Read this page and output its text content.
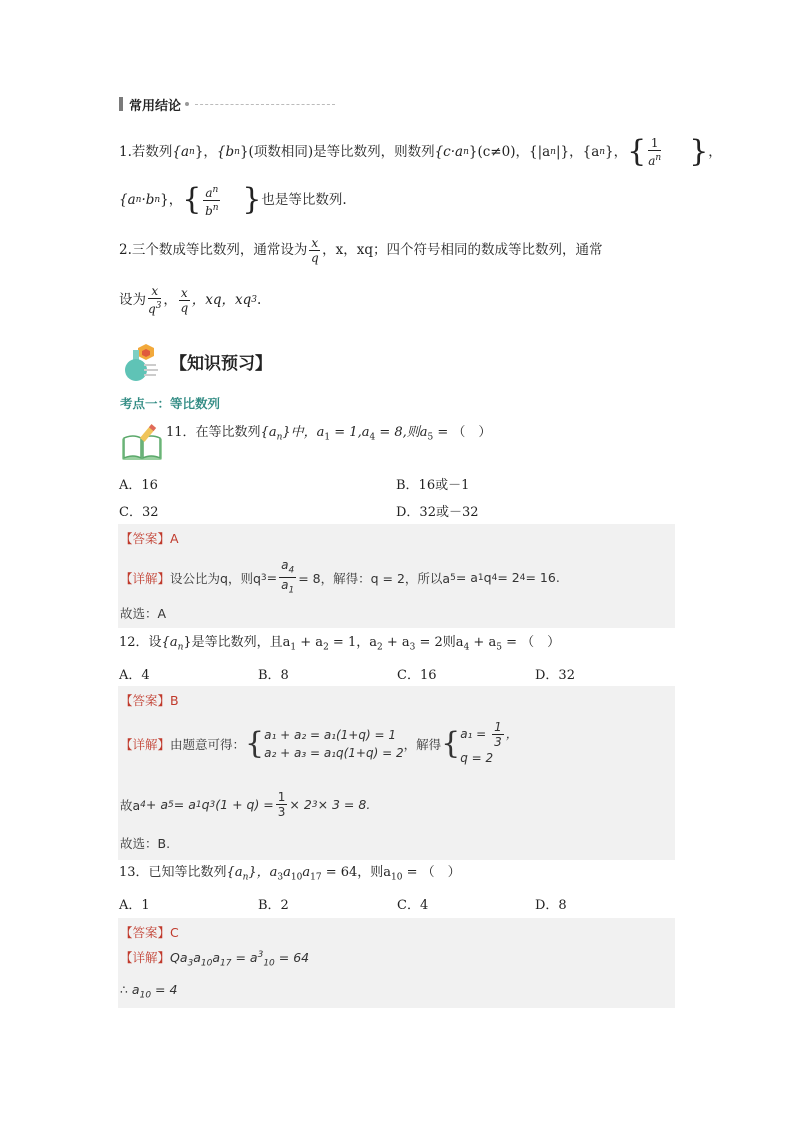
常用结论
1.若数列 {a n } ， {b n } (项数相同)是等比数列，则数列 {c·a n }(c≠0)，{|a n |}，{a n }， { $\frac{1}{a^n}$ } ，
{a n ·b n }， { $\frac{a^n}{b^n}$ } 也是等比数列.
2.三个数成等比数列，通常设为 $\frac{x}{q}$ ，x，xq；四个符号相同的数成等比数列，通常
设为 $\frac{x}{q^3}$ ， $\frac{x}{q}$ ，xq，xq 3 .
【知识预习】
考点一：等比数列
11．在等比数列$\{a_n\}$中，$a_1 = 1,a_4 = 8$,则$a_5$ = （　）
A．16	B．16或－1
C．32	D．32或－32
【答案】A
【详解】 设公比为q，则q $3 = \frac{a_4}{a_1} = 8$，解得：q = 2，所以a 5 = a 1 q 4 = 2 4 = 16.
故选：A
12．设$\{a_n\}$是等比数列，且$a_1 + a_2 = 1$，$a_2 + a_3 = 2$则$a_4 + a_5$ = （　）
A．4	B．8	C．16	D．32
【答案】B
【详解】 由题意可得： { a₁ + a₂ = a₁(1+q) = 1
a₂ + a₃ = a₁q(1+q) = 2
，解得 { $a_1 = \frac{1}{3}$ ，
q = 2
故a 4 + a 5 = a 1 q 3 $(1 + q) = \frac{1}{3} \times 2$ 3 × 3 = 8.
故选：B.
13．已知等比数列$\{a_n\}$，$a_3a_{10}a_{17} = 64$，则$a_{10}$ = （　）
A．1	B．2	C．4	D．8
【答案】C
【详解】$Qa_3a_{10}a_{17} = a^3_{10} = 64$
∴ $a_{10} = 4$
